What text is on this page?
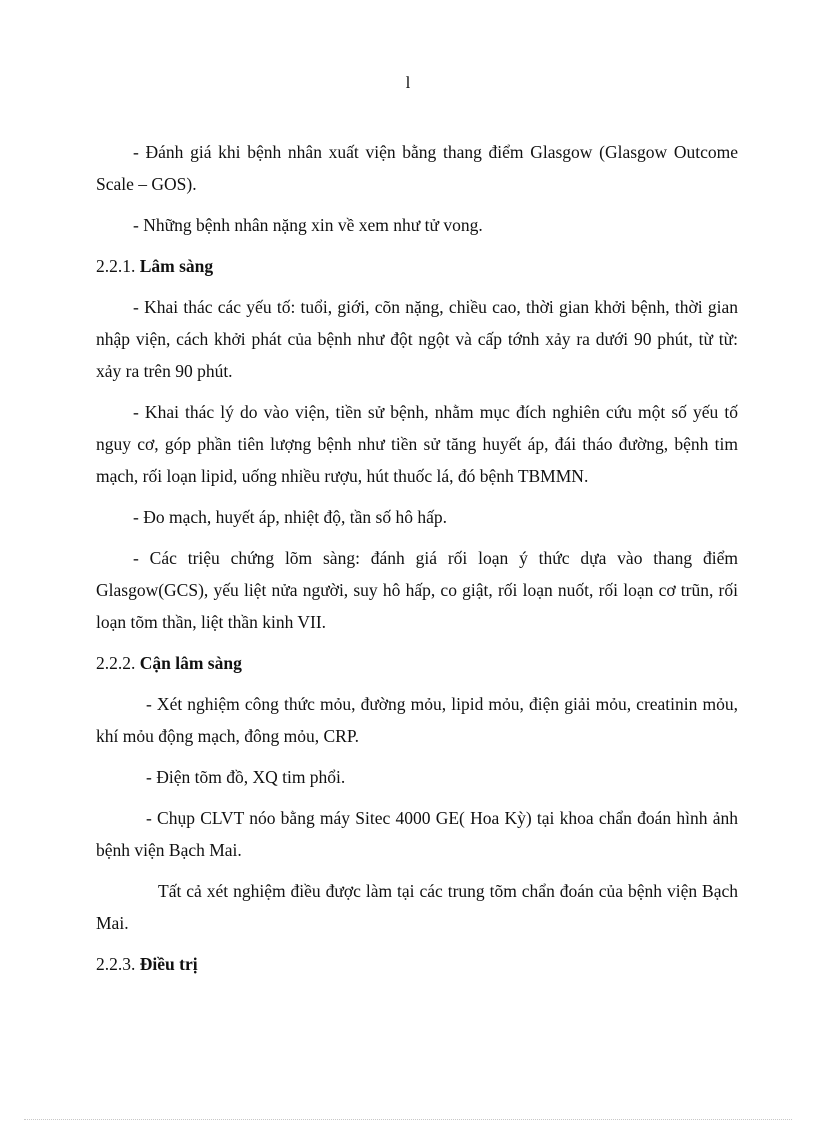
l

- Đánh giá khi bệnh nhân xuất viện bằng thang điểm Glasgow (Glasgow Outcome Scale – GOS).

- Những bệnh nhân nặng xin về xem như tử vong.

2.2.1. Lâm sàng

- Khai thác các yếu tố: tuổi, giới, cõn nặng, chiều cao, thời gian khởi bệnh, thời gian nhập viện, cách khởi phát của bệnh như đột ngột và cấp tớnh xảy ra dưới 90 phút, từ từ: xảy ra trên 90 phút.

- Khai thác lý do vào viện, tiền sử bệnh, nhằm mục đích nghiên cứu một số yếu tố nguy cơ, góp phần tiên lượng bệnh như tiền sử tăng huyết áp, đái tháo đường, bệnh tim mạch, rối loạn lipid, uống nhiều rượu, hút thuốc lá, đó bệnh TBMMN.

- Đo mạch, huyết áp, nhiệt độ, tần số hô hấp.

- Các triệu chứng lõm sàng: đánh giá rối loạn ý thức dựa vào thang điểm Glasgow(GCS), yếu liệt nửa người, suy hô hấp, co giật, rối loạn nuốt, rối loạn cơ trũn, rối loạn tõm thần, liệt thần kinh VII.

2.2.2. Cận lâm sàng

- Xét nghiệm công thức mỏu, đường mỏu, lipid mỏu, điện giải mỏu, creatinin mỏu, khí mỏu động mạch, đông mỏu, CRP.

- Điện tõm đồ, XQ tim phổi.

- Chụp CLVT nóo bằng máy Sitec 4000 GE( Hoa Kỳ) tại khoa chẩn đoán hình ảnh bệnh viện Bạch Mai.

Tất cả xét nghiệm điều được làm tại các trung tõm chẩn đoán của bệnh viện Bạch Mai.

2.2.3. Điều trị
